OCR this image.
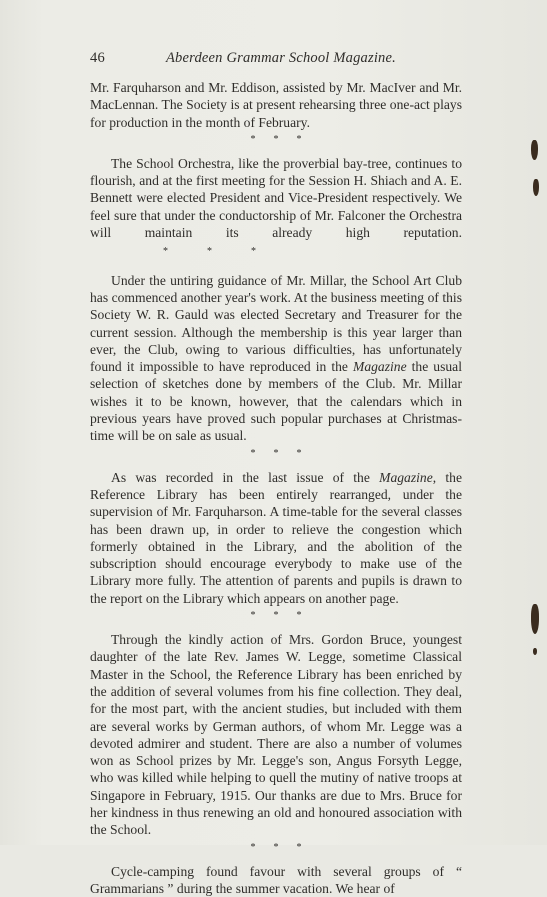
46	Aberdeen Grammar School Magazine.

Mr. Farquharson and Mr. Eddison, assisted by Mr. MacIver and Mr. MacLennan. The Society is at present rehearsing three one-act plays for production in the month of February.

* * *

The School Orchestra, like the proverbial bay-tree, continues to flourish, and at the first meeting for the Session H. Shiach and A. E. Bennett were elected President and Vice-President respectively. We feel sure that under the conductorship of Mr. Falconer the Orchestra will maintain its already high reputation.*	*	*

Under the untiring guidance of Mr. Millar, the School Art Club has commenced another year's work. At the business meeting of this Society W. R. Gauld was elected Secretary and Treasurer for the current session. Although the membership is this year larger than ever, the Club, owing to various difficulties, has unfortunately found it impossible to have reproduced in the Magazine the usual selection of sketches done by members of the Club. Mr. Millar wishes it to be known, however, that the calendars which in previous years have proved such popular purchases at Christmas-time will be on sale as usual.

* * *

As was recorded in the last issue of the Magazine, the Reference Library has been entirely rearranged, under the supervision of Mr. Farquharson. A time-table for the several classes has been drawn up, in order to relieve the congestion which formerly obtained in the Library, and the abolition of the subscription should encourage everybody to make use of the Library more fully. The attention of parents and pupils is drawn to the report on the Library which appears on another page.

* * *

Through the kindly action of Mrs. Gordon Bruce, youngest daughter of the late Rev. James W. Legge, sometime Classical Master in the School, the Reference Library has been enriched by the addition of several volumes from his fine collection. They deal, for the most part, with the ancient studies, but included with them are several works by German authors, of whom Mr. Legge was a devoted admirer and student. There are also a number of volumes won as School prizes by Mr. Legge's son, Angus Forsyth Legge, who was killed while helping to quell the mutiny of native troops at Singapore in February, 1915. Our thanks are due to Mrs. Bruce for her kindness in thus renewing an old and honoured association with the School.

* * *

Cycle-camping found favour with several groups of “ Grammarians ” during the summer vacation. We hear of
